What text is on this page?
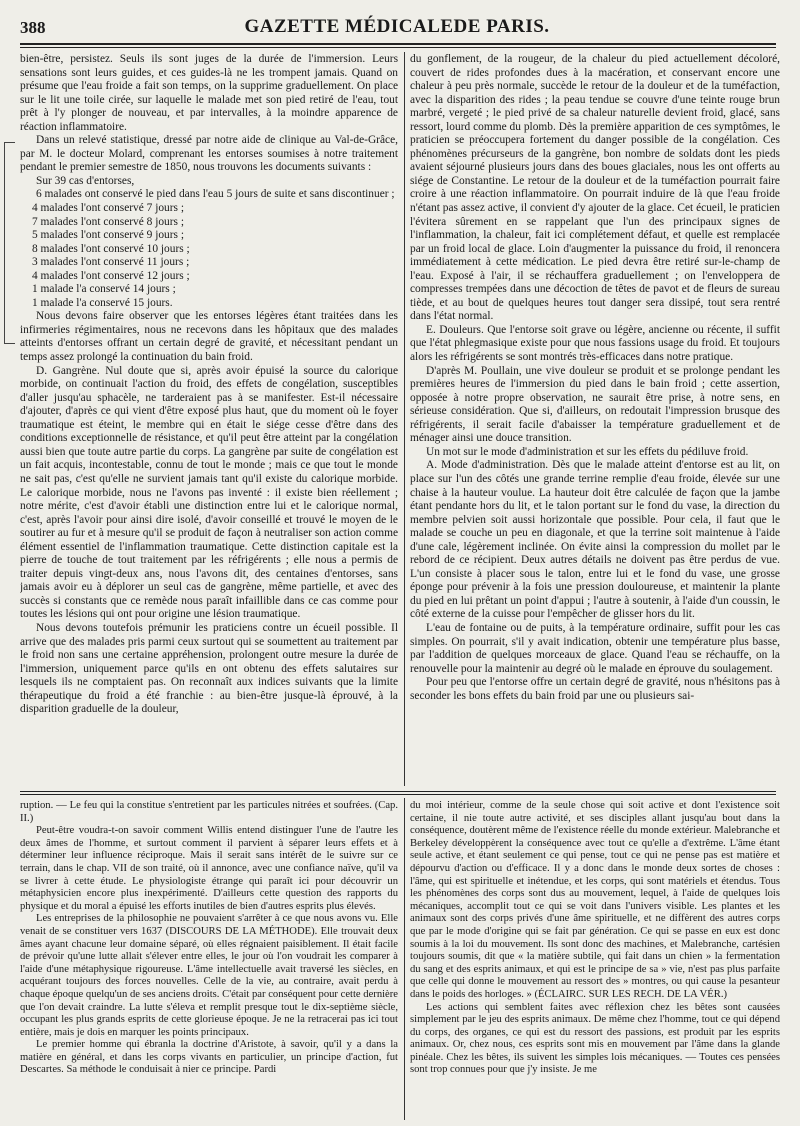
388	GAZETTE MÉDICALEDE PARIS.

bien-être, persistez. Seuls ils sont juges de la durée de l'immersion. Leurs sensations sont leurs guides, et ces guides-là ne les trompent jamais. Quand on présume que l'eau froide a fait son temps, on la supprime graduellement. On place sur le lit une toile cirée, sur laquelle le malade met son pied retiré de l'eau, tout prêt à l'y plonger de nouveau, et par intervalles, à la moindre apparence de réaction inflammatoire.

Dans un relevé statistique, dressé par notre aide de clinique au Val-de-Grâce, par M. le docteur Molard, comprenant les entorses soumises à notre traitement pendant le premier semestre de 1850, nous trouvons les documents suivants :

Sur 39 cas d'entorses,

6 malades ont conservé le pied dans l'eau 5 jours de suite et sans discontinuer ;

4 malades l'ont conservé 7 jours ;

7 malades l'ont conservé 8 jours ;

5 malades l'ont conservé 9 jours ;

8 malades l'ont conservé 10 jours ;

3 malades l'ont conservé 11 jours ;

4 malades l'ont conservé 12 jours ;

1 malade l'a conservé 14 jours ;

1 malade l'a conservé 15 jours.

Nous devons faire observer que les entorses légères étant traitées dans les infirmeries régimentaires, nous ne recevons dans les hôpitaux que des malades atteints d'entorses offrant un certain degré de gravité, et nécessitant pendant un temps assez prolongé la continuation du bain froid.

D. Gangrène. Nul doute que si, après avoir épuisé la source du calorique morbide, on continuait l'action du froid, des effets de congélation, susceptibles d'aller jusqu'au sphacèle, ne tarderaient pas à se manifester. Est-il nécessaire d'ajouter, d'après ce qui vient d'être exposé plus haut, que du moment où le foyer traumatique est éteint, le membre qui en était le siége cesse d'être dans des conditions exceptionnelle de résistance, et qu'il peut être atteint par la congélation aussi bien que toute autre partie du corps. La gangrène par suite de congélation est un fait acquis, incontestable, connu de tout le monde ; mais ce que tout le monde ne sait pas, c'est qu'elle ne survient jamais tant qu'il existe du calorique morbide. Le calorique morbide, nous ne l'avons pas inventé : il existe bien réellement ; notre mérite, c'est d'avoir établi une distinction entre lui et le calorique normal, c'est, après l'avoir pour ainsi dire isolé, d'avoir conseillé et trouvé le moyen de le soutirer au fur et à mesure qu'il se produit de façon à neutraliser son action comme élément essentiel de l'inflammation traumatique. Cette distinction capitale est la pierre de touche de tout traitement par les réfrigérents ; elle nous a permis de traiter depuis vingt-deux ans, nous l'avons dit, des centaines d'entorses, sans jamais avoir eu à déplorer un seul cas de gangrène, même partielle, et avec des succès si constants que ce remède nous paraît infaillible dans ce cas comme pour toutes les lésions qui ont pour origine une lésion traumatique.

Nous devons toutefois prémunir les praticiens contre un écueil possible. Il arrive que des malades pris parmi ceux surtout qui se soumettent au traitement par le froid non sans une certaine appréhension, prolongent outre mesure la durée de l'immersion, uniquement parce qu'ils en ont obtenu des effets salutaires sur lesquels ils ne comptaient pas. On reconnaît aux indices suivants que la limite thérapeutique du froid a été franchie : au bien-être jusque-là éprouvé, à la disparition graduelle de la douleur,

du gonflement, de la rougeur, de la chaleur du pied actuellement décoloré, couvert de rides profondes dues à la macération, et conservant encore une chaleur à peu près normale, succède le retour de la douleur et de la tuméfaction, avec la disparition des rides ; la peau tendue se couvre d'une teinte rouge brun marbré, vergeté ; le pied privé de sa chaleur naturelle devient froid, glacé, sans ressort, lourd comme du plomb. Dès la première apparition de ces symptômes, le praticien se préoccupera fortement du danger possible de la congélation. Ces phénomènes précurseurs de la gangrène, bon nombre de soldats dont les pieds avaient séjourné plusieurs jours dans des boues glaciales, nous les ont offerts au siége de Constantine. Le retour de la douleur et de la tuméfaction pourrait faire croire à une réaction inflammatoire. On pourrait induire de là que l'eau froide n'étant pas assez active, il convient d'y ajouter de la glace. Cet écueil, le praticien l'évitera sûrement en se rappelant que l'un des principaux signes de l'inflammation, la chaleur, fait ici complétement défaut, et quelle est remplacée par un froid local de glace. Loin d'augmenter la puissance du froid, il renoncera immédiatement à cette médication. Le pied devra être retiré sur-le-champ de l'eau. Exposé à l'air, il se réchauffera graduellement ; on l'enveloppera de compresses trempées dans une décoction de têtes de pavot et de fleurs de sureau tiède, et au bout de quelques heures tout danger sera dissipé, tout sera rentré dans l'état normal.

E. Douleurs. Que l'entorse soit grave ou légère, ancienne ou récente, il suffit que l'état phlegmasique existe pour que nous fassions usage du froid. Et toujours alors les réfrigérents se sont montrés très-efficaces dans notre pratique.

D'après M. Poullain, une vive douleur se produit et se prolonge pendant les premières heures de l'immersion du pied dans le bain froid ; cette assertion, opposée à notre propre observation, ne saurait être prise, à notre sens, en sérieuse considération. Que si, d'ailleurs, on redoutait l'impression brusque des réfrigérents, il serait facile d'abaisser la température graduellement et de ménager ainsi une douce transition.

Un mot sur le mode d'administration et sur les effets du pédiluve froid.

A. Mode d'administration. Dès que le malade atteint d'entorse est au lit, on place sur l'un des côtés une grande terrine remplie d'eau froide, élevée sur une chaise à la hauteur voulue. La hauteur doit être calculée de façon que la jambe étant pendante hors du lit, et le talon portant sur le fond du vase, la direction du membre pelvien soit aussi horizontale que possible. Pour cela, il faut que le malade se couche un peu en diagonale, et que la terrine soit maintenue à l'aide d'une cale, légèrement inclinée. On évite ainsi la compression du mollet par le rebord de ce récipient. Deux autres détails ne doivent pas être perdus de vue. L'un consiste à placer sous le talon, entre lui et le fond du vase, une grosse éponge pour prévenir à la fois une pression douloureuse, et maintenir la plante du pied en lui prêtant un point d'appui ; l'autre à soutenir, à l'aide d'un coussin, le côté externe de la cuisse pour l'empêcher de glisser hors du lit.

L'eau de fontaine ou de puits, à la température ordinaire, suffit pour les cas simples. On pourrait, s'il y avait indication, obtenir une température plus basse, par l'addition de quelques morceaux de glace. Quand l'eau se réchauffe, on la renouvelle pour la maintenir au degré où le malade en éprouve du soulagement.

Pour peu que l'entorse offre un certain degré de gravité, nous n'hésitons pas à seconder les bons effets du bain froid par une ou plusieurs sai-

ruption. — Le feu qui la constitue s'entretient par les particules nitrées et soufrées. (Cap. II.)

Peut-être voudra-t-on savoir comment Willis entend distinguer l'une de l'autre les deux âmes de l'homme, et surtout comment il parvient à séparer leurs effets et à déterminer leur influence réciproque. Mais il serait sans intérêt de le suivre sur ce terrain, dans le chap. VII de son traité, où il annonce, avec une confiance naïve, qu'il va se livrer à cette étude. Le physiologiste étrange qui paraît ici pour découvrir un métaphysicien encore plus inexpérimenté. D'ailleurs cette question des rapports du physique et du moral a épuisé les efforts inutiles de bien d'autres esprits plus élevés.

Les entreprises de la philosophie ne pouvaient s'arrêter à ce que nous avons vu. Elle venait de se constituer vers 1637 (DISCOURS DE LA MÉTHODE). Elle trouvait deux âmes ayant chacune leur domaine séparé, où elles régnaient paisiblement. Il était facile de prévoir qu'une lutte allait s'élever entre elles, le jour où l'on voudrait les comparer à l'aide d'une métaphysique rigoureuse. L'âme intellectuelle avait traversé les siècles, en acquérant toujours des forces nouvelles. Celle de la vie, au contraire, avait perdu à chaque époque quelqu'un de ses anciens droits. C'était par conséquent pour cette dernière que l'on devait craindre. La lutte s'éleva et remplit presque tout le dix-septième siècle, occupant les plus grands esprits de cette glorieuse époque. Je ne la retracerai pas ici tout entière, mais je dois en marquer les points principaux.

Le premier homme qui ébranla la doctrine d'Aristote, à savoir, qu'il y a dans la matière en général, et dans les corps vivants en particulier, un principe d'action, fut Descartes. Sa méthode le conduisait à nier ce principe. Pardi

du moi intérieur, comme de la seule chose qui soit active et dont l'existence soit certaine, il nie toute autre activité, et ses disciples allant jusqu'au bout dans la conséquence, doutèrent même de l'existence réelle du monde extérieur. Malebranche et Berkeley développèrent la conséquence avec tout ce qu'elle a d'extrême. L'âme étant seule active, et étant seulement ce qui pense, tout ce qui ne pense pas est matière et dépourvu d'action ou d'efficace. Il y a donc dans le monde deux sortes de choses : l'âme, qui est spirituelle et inétendue, et les corps, qui sont matériels et étendus. Tous les phénomènes des corps sont dus au mouvement, lequel, à l'aide de quelques lois mécaniques, accomplit tout ce qui se voit dans l'univers visible. Les plantes et les animaux sont des corps privés d'une âme spirituelle, et ne diffèrent des autres corps que par le mode d'origine qui se fait par génération. Ce qui se passe en eux est donc soumis à la loi du mouvement. Ils sont donc des machines, et Malebranche, cartésien toujours soumis, dit que « la matière subtile, qui fait dans un chien » la fermentation du sang et des esprits animaux, et qui est le principe de sa » vie, n'est pas plus parfaite que celle qui donne le mouvement au ressort des » montres, ou qui cause la pesanteur dans le poids des horloges. » (ÉCLAIRC. SUR LES RECH. DE LA VÉR.)

Les actions qui semblent faites avec réflexion chez les bêtes sont causées simplement par le jeu des esprits animaux. De même chez l'homme, tout ce qui dépend du corps, des organes, ce qui est du ressort des passions, est produit par les esprits animaux. Or, chez nous, ces esprits sont mis en mouvement par l'âme dans la glande pinéale. Chez les bêtes, ils suivent les simples lois mécaniques. — Toutes ces pensées sont trop connues pour que j'y insiste. Je me
